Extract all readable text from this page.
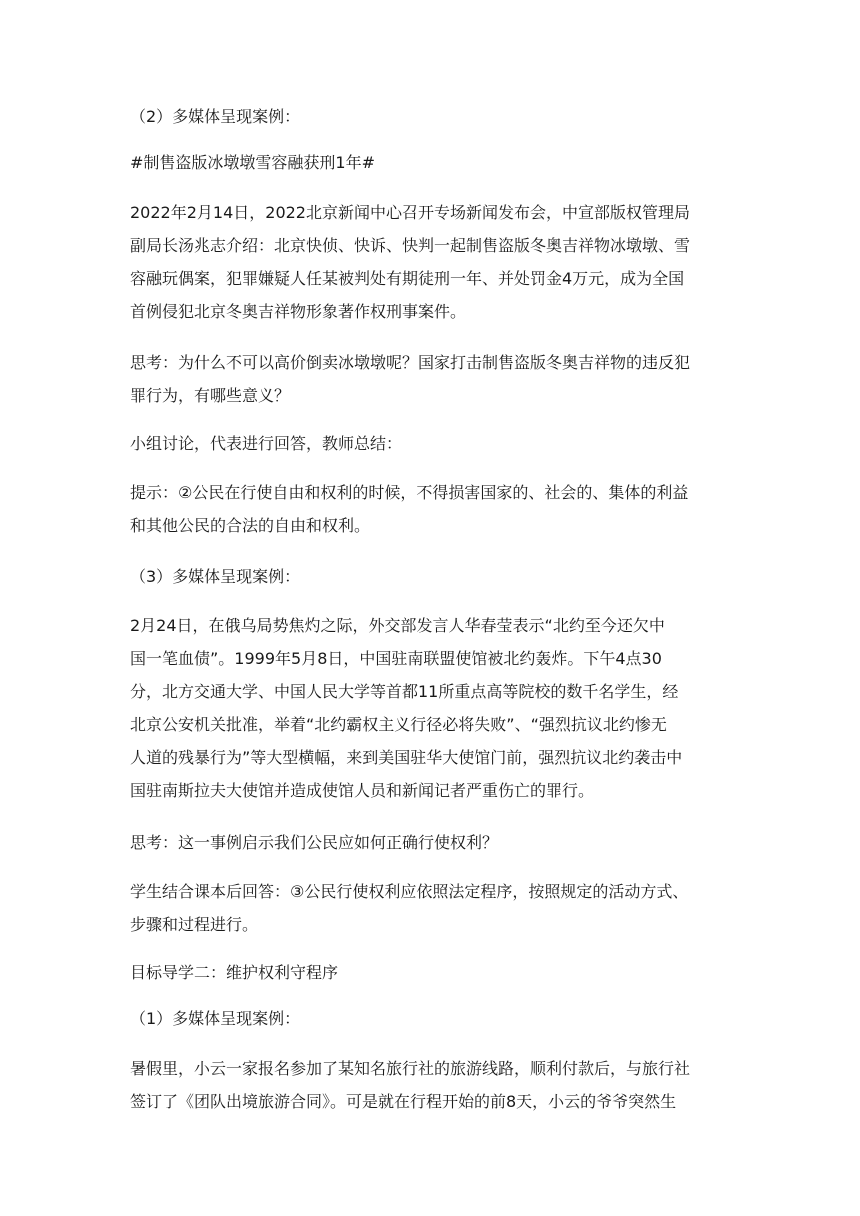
（2）多媒体呈现案例：

#制售盗版冰墩墩雪容融获刑1年#

2022年2月14日，2022北京新闻中心召开专场新闻发布会，中宣部版权管理局
副局长汤兆志介绍：北京快侦、快诉、快判一起制售盗版冬奥吉祥物冰墩墩、雪
容融玩偶案，犯罪嫌疑人任某被判处有期徒刑一年、并处罚金4万元，成为全国
首例侵犯北京冬奥吉祥物形象著作权刑事案件。

思考：为什么不可以高价倒卖冰墩墩呢？国家打击制售盗版冬奥吉祥物的违反犯
罪行为，有哪些意义？

小组讨论，代表进行回答，教师总结：

提示：②公民在行使自由和权利的时候，不得损害国家的、社会的、集体的利益
和其他公民的合法的自由和权利。

（3）多媒体呈现案例：

2月24日，在俄乌局势焦灼之际，外交部发言人华春莹表示“北约至今还欠中
国一笔血债”。1999年5月8日，中国驻南联盟使馆被北约轰炸。下午4点30
分，北方交通大学、中国人民大学等首都11所重点高等院校的数千名学生，经
北京公安机关批准，举着“北约霸权主义行径必将失败”、“强烈抗议北约惨无
人道的残暴行为”等大型横幅，来到美国驻华大使馆门前，强烈抗议北约袭击中
国驻南斯拉夫大使馆并造成使馆人员和新闻记者严重伤亡的罪行。

思考：这一事例启示我们公民应如何正确行使权利？

学生结合课本后回答：③公民行使权利应依照法定程序，按照规定的活动方式、
步骤和过程进行。

目标导学二：维护权利守程序

（1）多媒体呈现案例：

暑假里，小云一家报名参加了某知名旅行社的旅游线路，顺利付款后，与旅行社
签订了《团队出境旅游合同》。可是就在行程开始的前8天，小云的爷爷突然生
